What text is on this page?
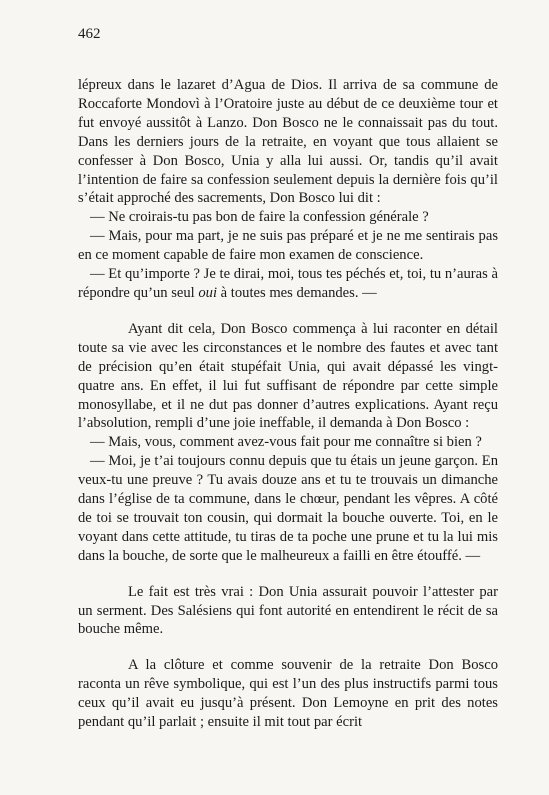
462

lépreux dans le lazaret d’Agua de Dios. Il arriva de sa commune de Roccaforte Mondovì à l’Oratoire juste au début de ce deuxième tour et fut envoyé aussitôt à Lanzo. Don Bosco ne le connaissait pas du tout. Dans les derniers jours de la retraite, en voyant que tous allaient se confesser à Don Bosco, Unia y alla lui aussi. Or, tandis qu’il avait l’intention de faire sa confession seulement depuis la dernière fois qu’il s’était approché des sacrements, Don Bosco lui dit :

— Ne croirais-tu pas bon de faire la confession générale ?

— Mais, pour ma part, je ne suis pas préparé et je ne me sentirais pas en ce moment capable de faire mon examen de conscience.

— Et qu’importe ? Je te dirai, moi, tous tes péchés et, toi, tu n’auras à répondre qu’un seul oui à toutes mes demandes. —

Ayant dit cela, Don Bosco commença à lui raconter en détail toute sa vie avec les circonstances et le nombre des fautes et avec tant de précision qu’en était stupéfait Unia, qui avait dépassé les vingt-quatre ans. En effet, il lui fut suffisant de répondre par cette simple monosyllabe, et il ne dut pas donner d’autres explications. Ayant reçu l’absolution, rempli d’une joie ineffable, il demanda à Don Bosco :

— Mais, vous, comment avez-vous fait pour me connaître si bien ?

— Moi, je t’ai toujours connu depuis que tu étais un jeune garçon. En veux-tu une preuve ? Tu avais douze ans et tu te trouvais un dimanche dans l’église de ta commune, dans le chœur, pendant les vêpres. A côté de toi se trouvait ton cousin, qui dormait la bouche ouverte. Toi, en le voyant dans cette attitude, tu tiras de ta poche une prune et tu la lui mis dans la bouche, de sorte que le malheureux a failli en être étouffé. —

Le fait est très vrai : Don Unia assurait pouvoir l’attester par un serment. Des Salésiens qui font autorité en entendirent le récit de sa bouche même.

A la clôture et comme souvenir de la retraite Don Bosco raconta un rêve symbolique, qui est l’un des plus instructifs parmi tous ceux qu’il avait eu jusqu’à présent. Don Lemoyne en prit des notes pendant qu’il parlait ; ensuite il mit tout par écrit
